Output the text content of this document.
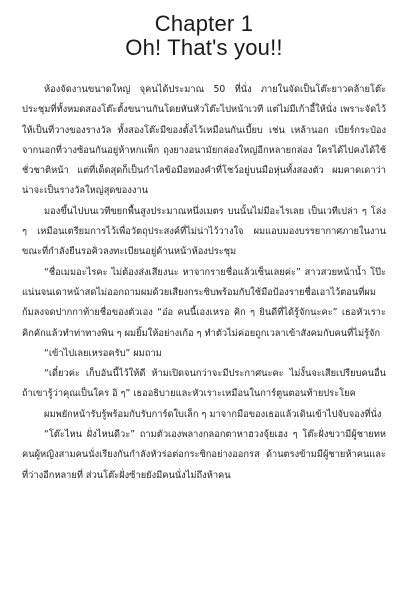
Chapter 1
Oh! That's you!!

ห้องจัดงานขนาดใหญ่ จุคนได้ประมาณ 50 ที่นั่ง ภายในจัดเป็นโต๊ะยาวคล้ายโต๊ะประชุมที่ทั้งหมดสองโต๊ะตั้งขนานกันโดยหันหัวโต๊ะไปหน้าเวที แต่ไม่มีเก้าอี้ให้นั่ง เพราะจัดไว้ให้เป็นที่วางของรางวัล ทั้งสองโต๊ะมีของตั้งไว้เหมือนกันเบี้ยบ เช่น เหล้านอก เบียร์กระป๋องจากนอกที่วางซ้อนกันอยู่ห้าหกแพ็ก ถุงยางอนามัยกล่องใหญ่อีกหลายกล่อง ใครได้ไปคงได้ใช้ชั่วชาติหน้า แต่ที่เด็ดสุดก็เป็นกำไลข้อมือทองคำที่โชว์อยู่บนมือหุ่นทั้งสองตัว ผมคาดเดาว่าน่าจะเป็นรางวัลใหญ่สุดของงาน

มองขึ้นไปบนเวทีขยกพื้นสูงประมาณหนึ่งเมตร บนนั้นไม่มีอะไรเลย เป็นเวทีเปล่า ๆ โล่ง ๆ เหมือนเตรียมการไว้เพื่อวัตถุประสงค์ที่ไม่น่าไว้วางใจ ผมแอบมองบรรยากาศภายในงานขณะที่กำลังยืนรอคิวลงทะเบียนอยู่ด้านหน้าห้องประชุม

“ชื่อเมมอะไรคะ ไม่ต้องส่งเสียงนะ หาจากรายชื่อแล้วเซ็นเลยค่ะ” สาวสวยหน้าน้ำ โป๊ะแน่นจนเดาหน้าสดไม่ออกถามผมด้วยเสียงกระซิบพร้อมกับใช้มือป้องรายชื่อเอาไว้ตอนที่ผมก้มลงจดปากกาท้ายชื่อของตัวเอง “อ๋อ คนนี้เองเหรอ คิก ๆ ยินดีที่ได้รู้จักนะคะ” เธอหัวเราะคิกคักแล้วทำท่าทางพิน ๆ ผมยิ้มให้อย่างเก้อ ๆ ทำตัวไม่ค่อยถูกเวลาเข้าสังคมกับคนที่ไม่รู้จัก

“เข้าไปเลยเหรอครับ” ผมถาม

“เดี๋ยวค่ะ เก็บอันนี้ไว้ให้ดี ห้ามเปิดจนกว่าจะมีประกาศนะคะ ไม่งั้นจะเสียเปรียบคนอื่นถ้าเขารู้ว่าคุณเป็นใคร อิ ๆ” เธออธิบายและหัวเราะเหมือนในการ์ตูนตอนท้ายประโยค

ผมพยักหน้ารับรู้พร้อมกับรับการ์ดใบเล็ก ๆ มาจากมือของเธอแล้วเดินเข้าไปจับจองที่นั่ง

“โต๊ะไหน ฝั่งไหนดีวะ” ถามตัวเองพลางกลอกตาหาฮวงจุ้ยเฮง ๆ โต๊ะฝั่งขวามีผู้ชายทหคนผู้หญิงสามคนนั่งเรียงกันกำลังหัวร่อต่อกระซิกอย่างออกรส ด้านตรงข้ามมีผู้ชายห้าคนและที่ว่างอีกหลายที่ ส่วนโต๊ะฝั่งซ้ายยังมีคนนั่งไม่ถึงห้าคน
